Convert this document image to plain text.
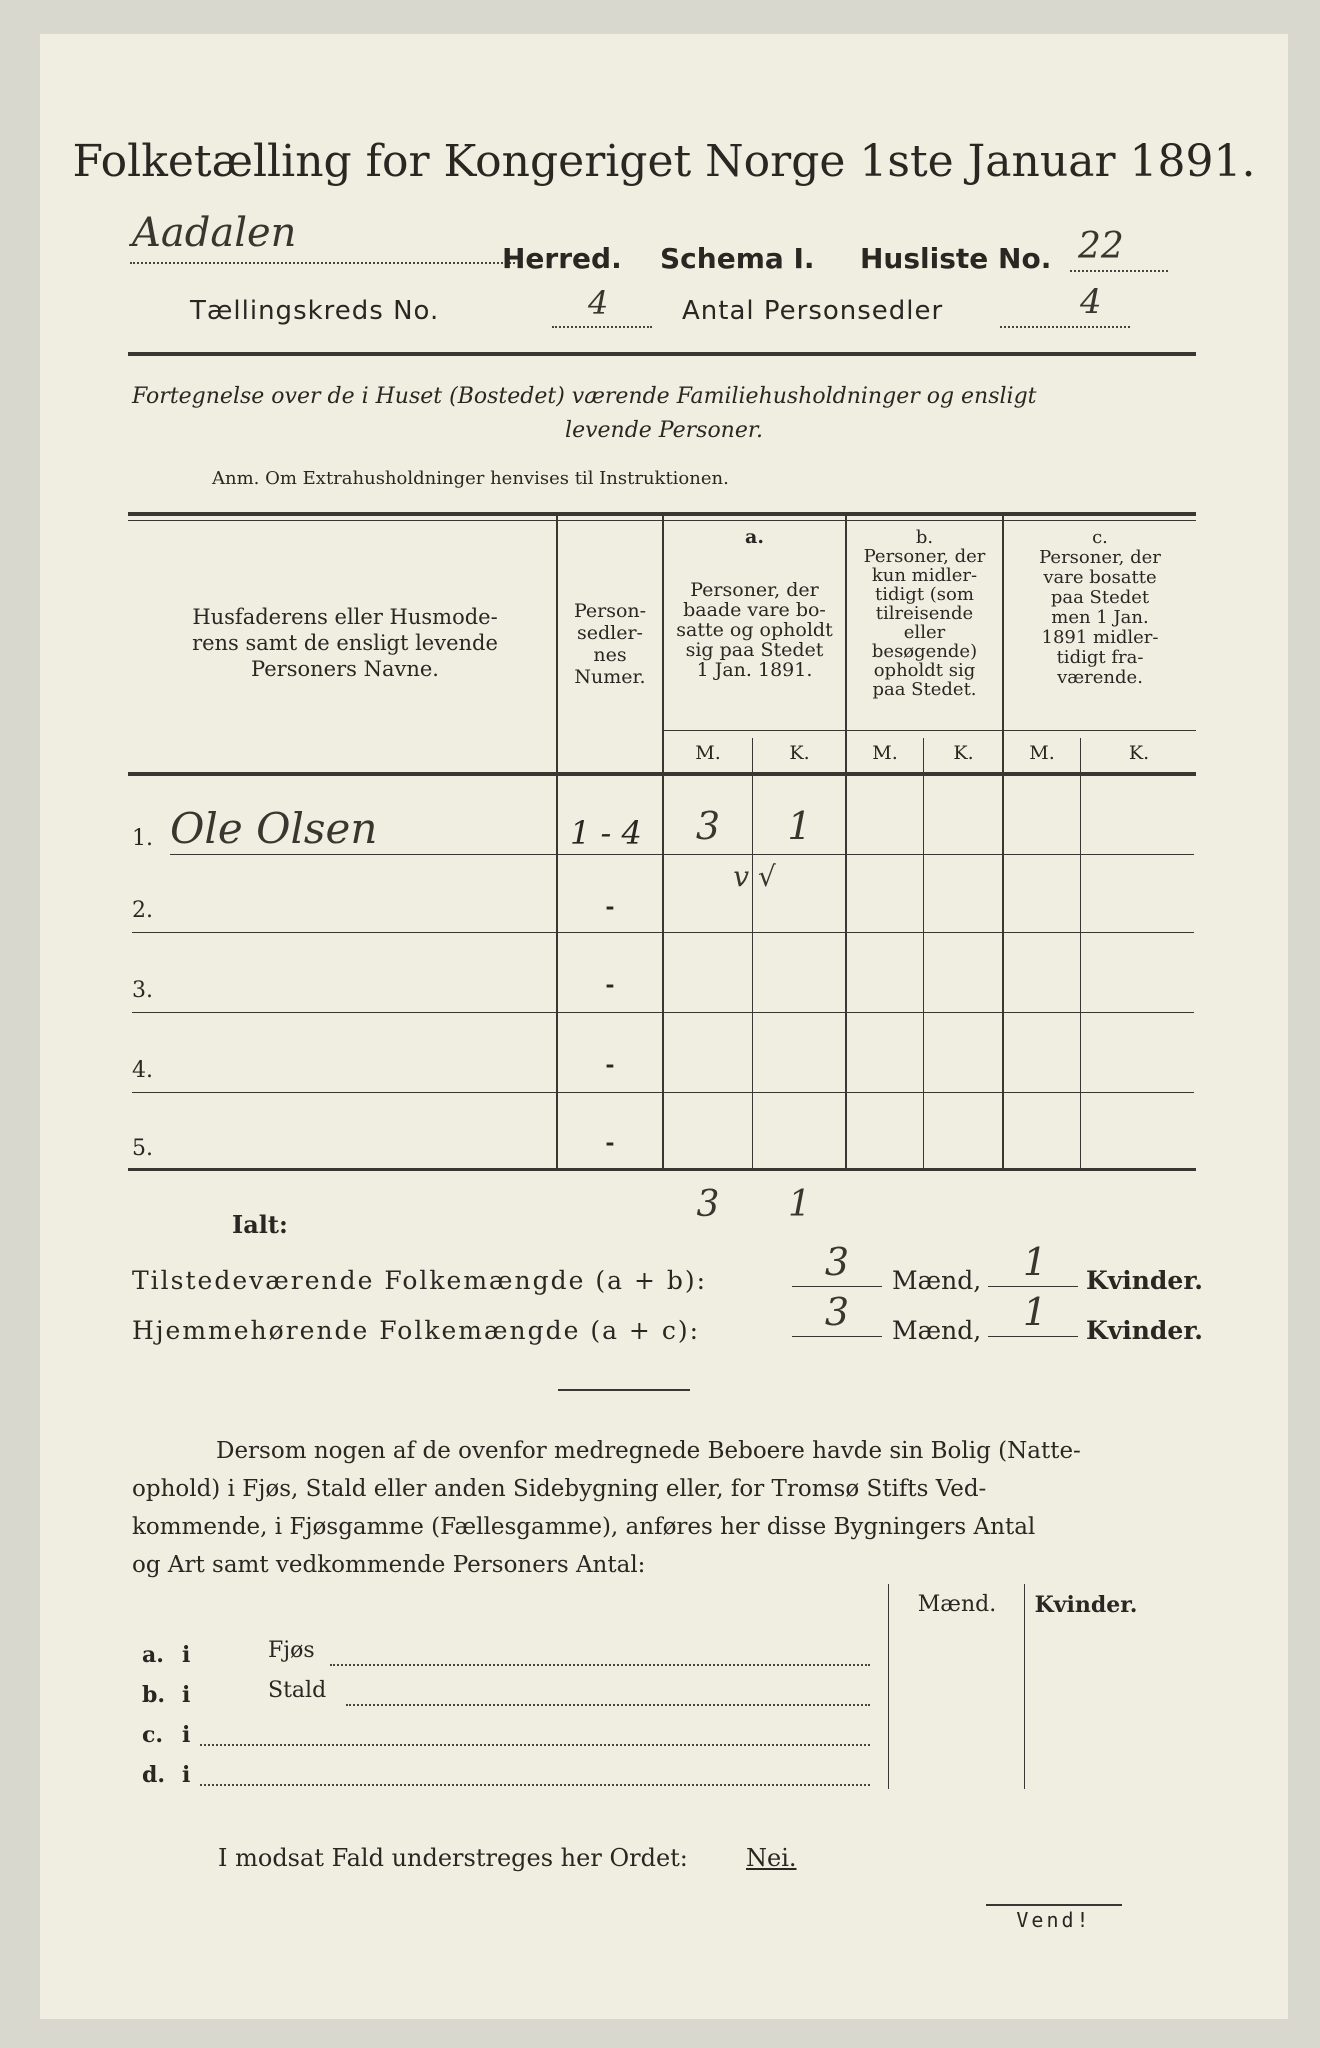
Folketælling for Kongeriget Norge 1ste Januar 1891.
Aadalen
Herred. Schema I. Husliste No. 22
Tællingskreds No.	4	Antal Personsedler	4
Fortegnelse over de i Huset (Bostedet) værende Familiehusholdninger og ensligt
levende Personer.
Anm. Om Extrahusholdninger henvises til Instruktionen.
Husfaderens eller Husmode-
rens samt de ensligt levende
Personers Navne.
Person-
sedler-
nes
Numer.
a.
Personer, der
baade vare bo-
satte og opholdt
sig paa Stedet
1 Jan. 1891.
b.
Personer, der
kun midler-
tidigt (som
tilreisende
eller
besøgende)
opholdt sig
paa Stedet.
c.
Personer, der
vare bosatte
paa Stedet
men 1 Jan.
1891 midler-
tidigt fra-
værende.
M.	K.	M.	K.	M.	K.
1. Ole Olsen	1 - 4	3	1
v √
2.	-
3.	-
4.	-
5.	-
Ialt:	3	1
Tilstedeværende Folkemængde (a + b):	3	Mænd,	1	Kvinder.
Hjemmehørende Folkemængde (a + c):	3	Mænd,	1	Kvinder.
Dersom nogen af de ovenfor medregnede Beboere havde sin Bolig (Natte-
ophold) i Fjøs, Stald eller anden Sidebygning eller, for Tromsø Stifts Ved-
kommende, i Fjøsgamme (Fællesgamme), anføres her disse Bygningers Antal
og Art samt vedkommende Personers Antal:
Mænd.	Kvinder.
a. i	Fjøs
b. i	Stald
c. i
d. i
I modsat Fald understreges her Ordet: Nei.
Vend!
